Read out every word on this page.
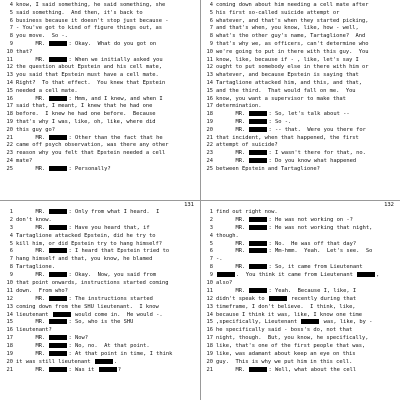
4 know, I said something, he said something, she
5 said something.  And then, it's back to
6 business because it doesn't stop just because -
7 - You've got to kind of figure things out, as
8 you move.  So -.
9 MR.	: Okay.  What do you got on
10 that?
11 MR.	: When we initially asked you
12 the question about Epstein and his cell mate,
13 you said that Epstein must have a cell mate.
14 Right?  To that effect.  You knew that Epstein
15 needed a cell mate.
16 MR.	: Hmm, and I knew, and when I
17 said that, I meant, I knew that he had one
18 before.  I knew he had one before.  Because
19 that's why I was, like, oh, like, where did
20 this guy go?
21 MR.	: Other than the fact that he
22 came off psych observation, was there any other
23 reason why you felt that Epstein needed a cell
24 mate?
25 MR.	: Personally?
4 coming down about him needing a cell mate after
5 his first so-called suicide attempt or
6 whatever, and that's when they started picking,
7 and that's when, you know, like, how - well,
8 what's the other guy's name, Tartaglione?  And
9 that's why we, as officers, can't determine who
10 we're going to put in there with this guy.  You
11 know, like, because if - , like, let's say I
12 ought to put somebody else in there with him or
13 whatever, and because Epstein is saying that
14 Tartaglione attacked him, and this, and that,
15 and the third.  That would fall on me.  You
16 know, you want a supervisor to make that
17 determination.
18 MR.	: So, let's talk about --
19 MR.	: So -.
20 MR.	: -- that.  Were you there for
21 that incident, when that happened, the first
22 attempt of suicide?
23 MR.	: I wasn't there for that, no.
24 MR.	: Do you know what happened
25 between Epstein and Tartaglione?
131
1 MR.	: Only from what I heard.  I
2 don't know.
3 MR.	: Have you heard that, if
4 Tartaglione attacked Epstein, did he try to
5 kill him, or did Epstein try to hang himself?
6 MR.	: I heard that Epstein tried to
7 hang himself and that, you know, he blamed
8 Tartaglione.
9 MR.	: Okay.  Now, you said from
10 that point onwards, instructions started coming
11 down.  From who?
12 MR.	: The instructions started
13 coming down from the SHU lieutenant.  I know
14 lieutenant	would come in.  He would -.
15 MR.	: So, who is the SHU
16 lieutenant?
17 MR.	: Now?
18 MR.	: No, no.  At that point.
19 MR.	: At that point in time, I think
20 it was still lieutenant	.
21 MR.	: Was it	?
132
1 find out right now.
2 MR.	: He was not working on -?
3 MR.	: He was not working that night,
4 though.
5 MR.	: No.  He was off that day?
6 MR.	: Mm-hmm.  Yeah.  Let's see.  So
7 -.
8 MR.	: So, it came from Lieutenant
9	.  You think it came from Lieutenant	,
10 also?
11 MR.	: Yeah.  Because I, like, I
12 didn't speak to	recently during that
13 timeframe, I don't believe.  I think, like,
14 because I think it was, like, I know one time
15 ,specifically, Lieutenant	was, like, by -
16 he specifically said - boss's do, not that
17 night, though.  But, you know, he specifically,
18 like, that's one of the first people that was,
19 like, was adamant about keep an eye on this
20 guy.  This is why we put him in this cell.
21 MR.	: Well, what about the cell
